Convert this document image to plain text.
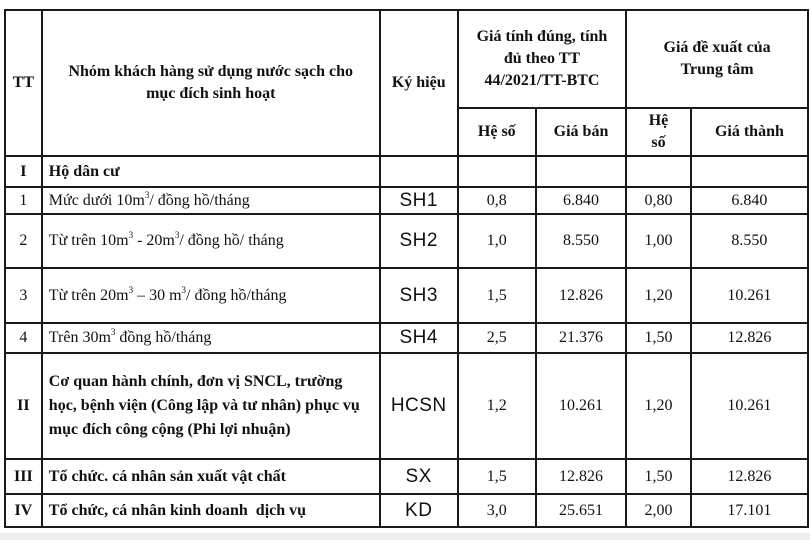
TT	Nhóm khách hàng sử dụng nước sạch cho mục đích sinh hoạt	Ký hiệu	Giá tính đúng, tính đủ theo TT 44/2021/TT-BTC		Giá đề xuất của Trung tâm	
			Hệ số	Giá bán	Hệ số	Giá thành
I	Hộ dân cư					
1	Mức dưới $10m^3/$ đồng hồ/tháng	SH1	0,8	6.840	0,80	6.840
2	Từ trên $10m^3 - 20m^3/$ đồng hồ/ tháng	SH2	1,0	8.550	1,00	8.550
3	Từ trên $20m^3 - 30$ $m^3/$ đồng hồ/tháng	SH3	1,5	12.826	1,20	10.261
4	Trên $30m^3$ đồng hồ/tháng	SH4	2,5	21.376	1,50	12.826
II	Cơ quan hành chính, đơn vị SNCL, trường học, bệnh viện (Công lập và tư nhân) phục vụ mục đích công cộng (Phi lợi nhuận)	HCSN	1,2	10.261	1,20	10.261
III	Tổ chức. cá nhân sản xuất vật chất	SX	1,5	12.826	1,50	12.826
IV	Tổ chức, cá nhân kinh doanh  dịch vụ	KD	3,0	25.651	2,00	17.101
